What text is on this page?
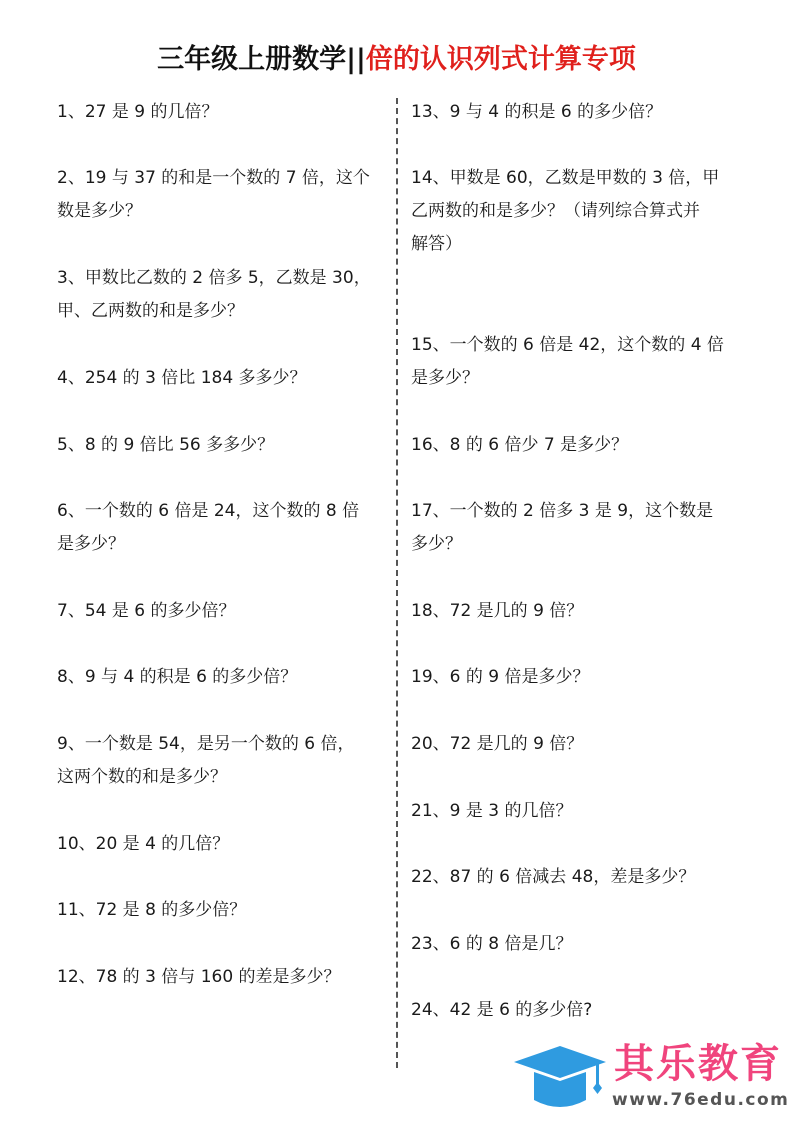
三年级上册数学||倍的认识列式计算专项
1、27 是 9 的几倍？
2、19 与 37 的和是一个数的 7 倍，这个
数是多少？
3、甲数比乙数的 2 倍多 5，乙数是 30，
甲、乙两数的和是多少？
4、254 的 3 倍比 184 多多少？
5、8 的 9 倍比 56 多多少？
6、一个数的 6 倍是 24，这个数的 8 倍
是多少？
7、54 是 6 的多少倍？
8、9 与 4 的积是 6 的多少倍？
9、一个数是 54，是另一个数的 6 倍，
这两个数的和是多少？
10、20 是 4 的几倍？
11、72 是 8 的多少倍？
12、78 的 3 倍与 160 的差是多少？
13、9 与 4 的积是 6 的多少倍？
14、甲数是 60，乙数是甲数的 3 倍，甲
乙两数的和是多少？（请列综合算式并
解答）
15、一个数的 6 倍是 42，这个数的 4 倍
是多少？
16、8 的 6 倍少 7 是多少？
17、一个数的 2 倍多 3 是 9，这个数是
多少？
18、72 是几的 9 倍？
19、6 的 9 倍是多少？
20、72 是几的 9 倍？
21、9 是 3 的几倍？
22、87 的 6 倍减去 48，差是多少？
23、6 的 8 倍是几？
24、42 是 6 的多少倍?
其乐教育
www.76edu.com
